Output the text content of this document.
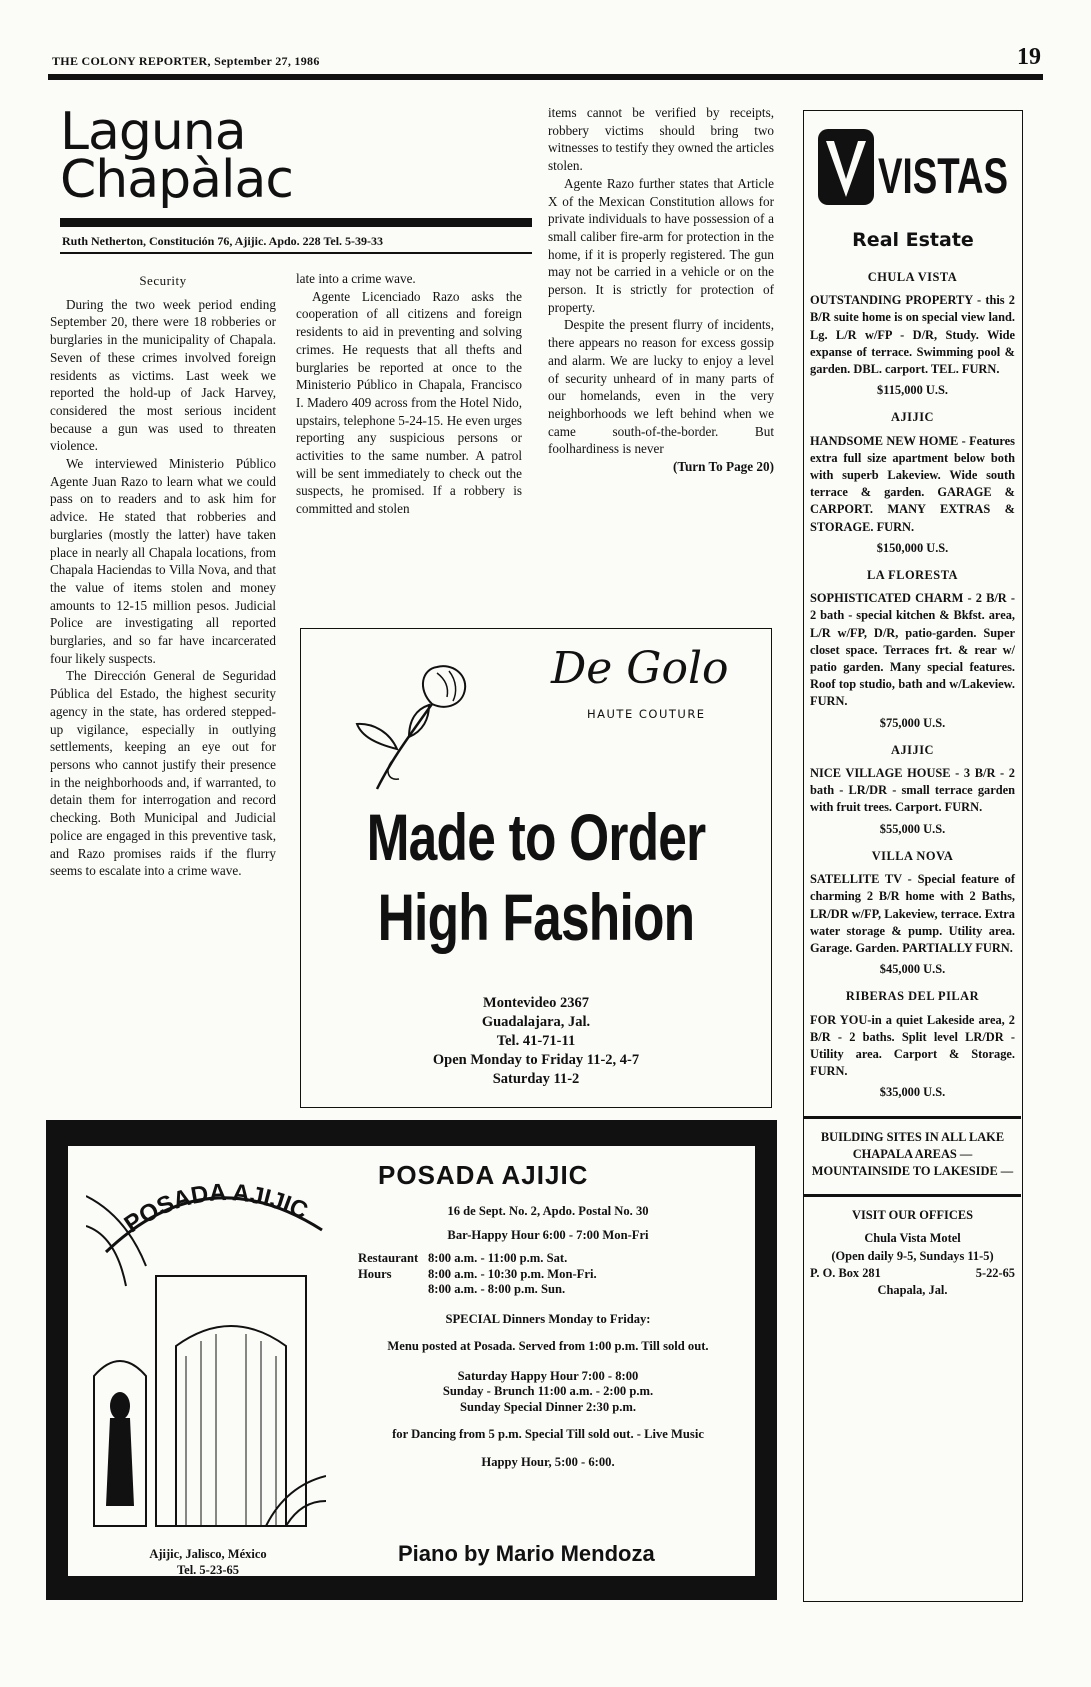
THE COLONY REPORTER, September 27, 1986	19
Laguna
Chapàlac
Ruth Netherton, Constitución 76, Ajijic. Apdo. 228 Tel. 5-39-33
Security

During the two week period ending September 20, there were 18 robberies or burglaries in the municipality of Chapala. Seven of these crimes involved foreign residents as victims. Last week we reported the hold-up of Jack Harvey, considered the most serious incident because a gun was used to threaten violence.

We interviewed Ministerio Público Agente Juan Razo to learn what we could pass on to readers and to ask him for advice. He stated that robberies and burglaries (mostly the latter) have taken place in nearly all Chapala locations, from Chapala Haciendas to Villa Nova, and that the value of items stolen and money amounts to 12-15 million pesos. Judicial Police are investigating all reported burglaries, and so far have incarcerated four likely suspects.

The Dirección General de Seguridad Pública del Estado, the highest security agency in the state, has ordered stepped-up vigilance, especially in outlying settlements, keeping an eye out for persons who cannot justify their presence in the neighborhoods and, if warranted, to detain them for interrogation and record checking. Both Municipal and Judicial police are engaged in this preventive task, and Razo promises raids if the flurry seems to escalate into a crime wave.

late into a crime wave.

Agente Licenciado Razo asks the cooperation of all citizens and foreign residents to aid in preventing and solving crimes. He requests that all thefts and burglaries be reported at once to the Ministerio Público in Chapala, Francisco I. Madero 409 across from the Hotel Nido, upstairs, telephone 5-24-15. He even urges reporting any suspicious persons or activities to the same number. A patrol will be sent immediately to check out the suspects, he promised. If a robbery is committed and stolen

items cannot be verified by receipts, robbery victims should bring two witnesses to testify they owned the articles stolen.

Agente Razo further states that Article X of the Mexican Constitution allows for private individuals to have possession of a small caliber fire-arm for protection in the home, if it is properly registered. The gun may not be carried in a vehicle or on the person. It is strictly for protection of property.

Despite the present flurry of incidents, there appears no reason for excess gossip and alarm. We are lucky to enjoy a level of security unheard of in many parts of our homelands, even in the very neighborhoods we left behind when we came south-of-the-border. But foolhardiness is never

(Turn To Page 20)
VISTAS
Real Estate
CHULA VISTA
OUTSTANDING PROPERTY - this 2 B/R suite home is on special view land. Lg. L/R w/FP - D/R, Study. Wide expanse of terrace. Swimming pool & garden. DBL. carport. TEL. FURN.
$115,000 U.S.
AJIJIC
HANDSOME NEW HOME - Features extra full size apartment below both with superb Lakeview. Wide south terrace & garden. GARAGE & CARPORT. MANY EXTRAS & STORAGE. FURN.
$150,000 U.S.
LA FLORESTA
SOPHISTICATED CHARM - 2 B/R - 2 bath - special kitchen & Bkfst. area, L/R w/FP, D/R, patio-garden. Super closet space. Terraces frt. & rear w/ patio garden. Many special features. Roof top studio, bath and w/Lakeview. FURN.
$75,000 U.S.
AJIJIC
NICE VILLAGE HOUSE - 3 B/R - 2 bath - LR/DR - small terrace garden with fruit trees. Carport. FURN.
$55,000 U.S.
VILLA NOVA
SATELLITE TV - Special feature of charming 2 B/R home with 2 Baths, LR/DR w/FP, Lakeview, terrace. Extra water storage & pump. Utility area. Garage. Garden. PARTIALLY FURN.
$45,000 U.S.
RIBERAS DEL PILAR
FOR YOU-in a quiet Lakeside area, 2 B/R - 2 baths. Split level LR/DR - Utility area. Carport & Storage. FURN.
$35,000 U.S.
BUILDING SITES IN ALL LAKE CHAPALA AREAS — MOUNTAINSIDE TO LAKESIDE —
VISIT OUR OFFICES
Chula Vista Motel
(Open daily 9-5, Sundays 11-5)
P. O. Box 281	5-22-65
Chapala, Jal.
De Golo
HAUTE COUTURE
Made to Order
High Fashion
Montevideo 2367
Guadalajara, Jal.
Tel. 41-71-11
Open Monday to Friday 11-2, 4-7
Saturday 11-2
POSADA AJIJIC
Ajijic, Jalisco, México
Tel. 5-23-65
POSADA AJIJIC
16 de Sept. No. 2, Apdo. Postal No. 30
Bar-Happy Hour 6:00 - 7:00 Mon-Fri
Restaurant Hours
8:00 a.m. - 11:00 p.m. Sat.
8:00 a.m. - 10:30 p.m. Mon-Fri.
8:00 a.m. - 8:00 p.m. Sun.
SPECIAL Dinners Monday to Friday:
Menu posted at Posada. Served from 1:00 p.m. Till sold out.
Saturday Happy Hour 7:00 - 8:00
Sunday - Brunch 11:00 a.m. - 2:00 p.m.
Sunday Special Dinner 2:30 p.m.
for Dancing from 5 p.m. Special Till sold out. - Live Music
Happy Hour, 5:00 - 6:00.
Piano by Mario Mendoza
